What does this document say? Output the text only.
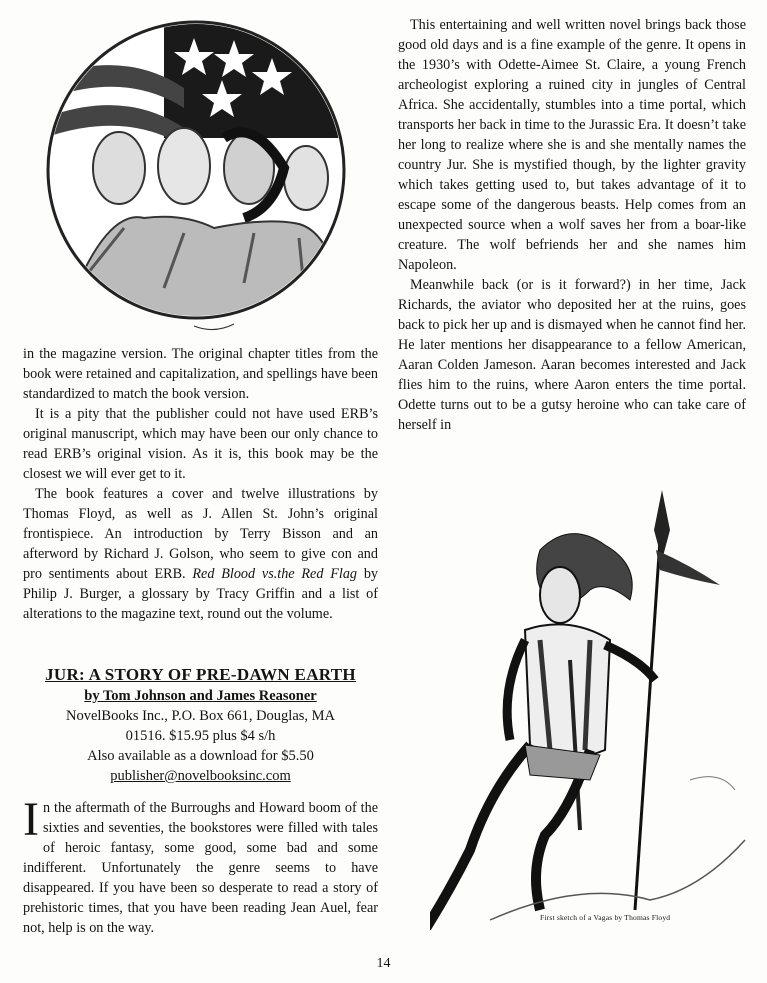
in the magazine version. The original chapter titles from the book were retained and capitalization, and spellings have been standardized to match the book version.

It is a pity that the publisher could not have used ERB’s original manuscript, which may have been our only chance to read ERB’s original vision. As it is, this book may be the closest we will ever get to it.

The book features a cover and twelve illustrations by Thomas Floyd, as well as J. Allen St. John’s original frontispiece. An introduction by Terry Bisson and an afterword by Richard J. Golson, who seem to give con and pro sentiments about ERB. Red Blood vs.the Red Flag by Philip J. Burger, a glossary by Tracy Griffin and a list of alterations to the magazine text, round out the volume.

JUR: A STORY OF PRE-DAWN EARTH
by Tom Johnson and James Reasoner
NovelBooks Inc., P.O. Box 661, Douglas, MA
01516. $15.95 plus $4 s/h
Also available as a download for $5.50
publisher@novelbooksinc.com

In the aftermath of the Burroughs and Howard boom of the sixties and seventies, the bookstores were filled with tales of heroic fantasy, some good, some bad and some indifferent. Unfortunately the genre seems to have disappeared. If you have been so desperate to read a story of prehistoric times, that you have been reading Jean Auel, fear not, help is on the way.

This entertaining and well written novel brings back those good old days and is a fine example of the genre. It opens in the 1930’s with Odette-Aimee St. Claire, a young French archeologist exploring a ruined city in jungles of Central Africa. She accidentally, stumbles into a time portal, which transports her back in time to the Jurassic Era. It doesn’t take her long to realize where she is and she mentally names the country Jur. She is mystified though, by the lighter gravity which takes getting used to, but takes advantage of it to escape some of the dangerous beasts. Help comes from an unexpected source when a wolf saves her from a boar-like creature. The wolf befriends her and she names him Napoleon.

Meanwhile back (or is it forward?) in her time, Jack Richards, the aviator who deposited her at the ruins, goes back to pick her up and is dismayed when he cannot find her. He later mentions her disappearance to a fellow American, Aaran Colden Jameson. Aaran becomes interested and Jack flies him to the ruins, where Aaron enters the time portal. Odette turns out to be a gutsy heroine who can take care of herself in

First sketch of a Vagas by Thomas Floyd
14
